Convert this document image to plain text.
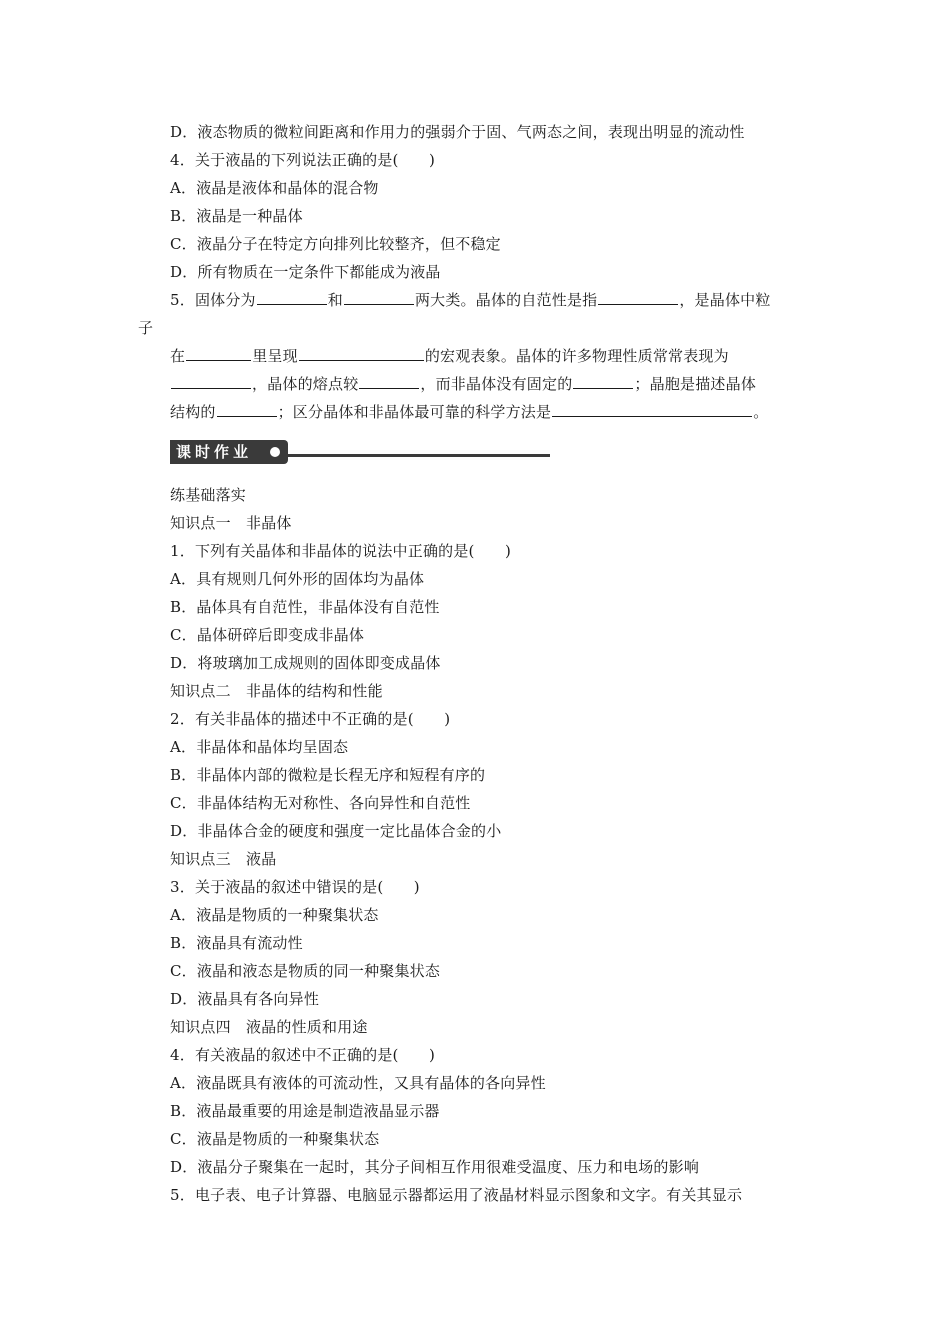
D．液态物质的微粒间距离和作用力的强弱介于固、气两态之间，表现出明显的流动性
4．关于液晶的下列说法正确的是(　　)
A．液晶是液体和晶体的混合物
B．液晶是一种晶体
C．液晶分子在特定方向排列比较整齐，但不稳定
D．所有物质在一定条件下都能成为液晶
5．固体分为	和	两大类。晶体的自范性是指	，是晶体中粒
子
在	里呈现	的宏观表象。晶体的许多物理性质常常表现为
，晶体的熔点较	，而非晶体没有固定的	；晶胞是描述晶体
结构的	；区分晶体和非晶体最可靠的科学方法是	。
课时作业
练基础落实
知识点一　非晶体
1．下列有关晶体和非晶体的说法中正确的是(　　)
A．具有规则几何外形的固体均为晶体
B．晶体具有自范性，非晶体没有自范性
C．晶体研碎后即变成非晶体
D．将玻璃加工成规则的固体即变成晶体
知识点二　非晶体的结构和性能
2．有关非晶体的描述中不正确的是(　　)
A．非晶体和晶体均呈固态
B．非晶体内部的微粒是长程无序和短程有序的
C．非晶体结构无对称性、各向异性和自范性
D．非晶体合金的硬度和强度一定比晶体合金的小
知识点三　液晶
3．关于液晶的叙述中错误的是(　　)
A．液晶是物质的一种聚集状态
B．液晶具有流动性
C．液晶和液态是物质的同一种聚集状态
D．液晶具有各向异性
知识点四　液晶的性质和用途
4．有关液晶的叙述中不正确的是(　　)
A．液晶既具有液体的可流动性，又具有晶体的各向异性
B．液晶最重要的用途是制造液晶显示器
C．液晶是物质的一种聚集状态
D．液晶分子聚集在一起时，其分子间相互作用很难受温度、压力和电场的影响
5．电子表、电子计算器、电脑显示器都运用了液晶材料显示图象和文字。有关其显示
